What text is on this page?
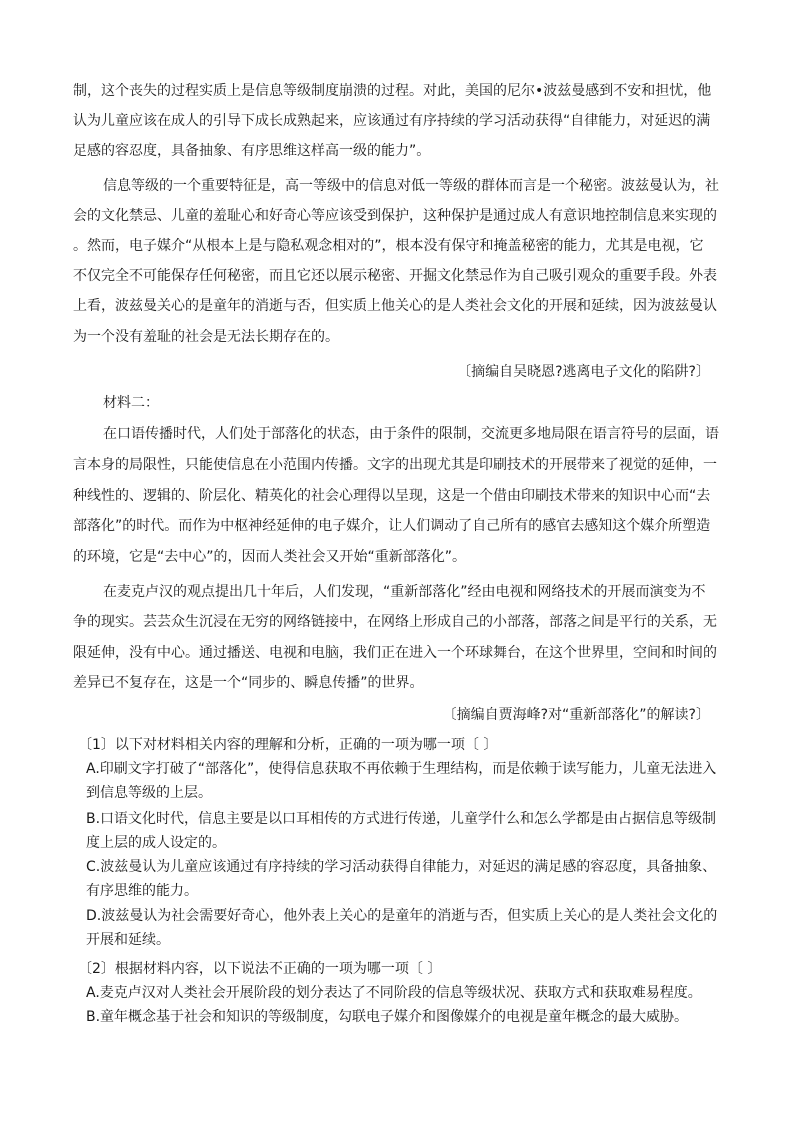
制，这个丧失的过程实质上是信息等级制度崩溃的过程。对此，美国的尼尔•波兹曼感到不安和担忧，他
认为儿童应该在成人的引导下成长成熟起来，应该通过有序持续的学习活动获得“自律能力，对延迟的满
足感的容忍度，具备抽象、有序思维这样高一级的能力”。
信息等级的一个重要特征是，高一等级中的信息对低一等级的群体而言是一个秘密。波兹曼认为，社
会的文化禁忌、儿童的羞耻心和好奇心等应该受到保护，这种保护是通过成人有意识地控制信息来实现的
。然而，电子媒介“从根本上是与隐私观念相对的”，根本没有保守和掩盖秘密的能力，尤其是电视，它
不仅完全不可能保存任何秘密，而且它还以展示秘密、开掘文化禁忌作为自己吸引观众的重要手段。外表
上看，波兹曼关心的是童年的消逝与否，但实质上他关心的是人类社会文化的开展和延续，因为波兹曼认
为一个没有羞耻的社会是无法长期存在的。
〔摘编自吴晓恩?逃离电子文化的陷阱?〕
材料二：
在口语传播时代，人们处于部落化的状态，由于条件的限制，交流更多地局限在语言符号的层面，语
言本身的局限性，只能使信息在小范围内传播。文字的出现尤其是印刷技术的开展带来了视觉的延伸，一
种线性的、逻辑的、阶层化、精英化的社会心理得以呈现，这是一个借由印刷技术带来的知识中心而“去
部落化”的时代。而作为中枢神经延伸的电子媒介，让人们调动了自己所有的感官去感知这个媒介所塑造
的环境，它是“去中心”的，因而人类社会又开始“重新部落化”。
在麦克卢汉的观点提出几十年后，人们发现，“重新部落化”经由电视和网络技术的开展而演变为不
争的现实。芸芸众生沉浸在无穷的网络链接中，在网络上形成自己的小部落，部落之间是平行的关系，无
限延伸，没有中心。通过播送、电视和电脑，我们正在进入一个环球舞台，在这个世界里，空间和时间的
差异已不复存在，这是一个“同步的、瞬息传播”的世界。
〔摘编自贾海峰?对“重新部落化”的解读?〕
〔1〕以下对材料相关内容的理解和分析，正确的一项为哪一项〔 〕
A.印刷文字打破了“部落化”，使得信息获取不再依赖于生理结构，而是依赖于读写能力，儿童无法进入
到信息等级的上层。
B.口语文化时代，信息主要是以口耳相传的方式进行传递，儿童学什么和怎么学都是由占据信息等级制
度上层的成人设定的。
C.波兹曼认为儿童应该通过有序持续的学习活动获得自律能力，对延迟的满足感的容忍度，具备抽象、
有序思维的能力。
D.波兹曼认为社会需要好奇心，他外表上关心的是童年的消逝与否，但实质上关心的是人类社会文化的
开展和延续。
〔2〕根据材料内容，以下说法不正确的一项为哪一项〔 〕
A.麦克卢汉对人类社会开展阶段的划分表达了不同阶段的信息等级状况、获取方式和获取难易程度。
B.童年概念基于社会和知识的等级制度，勾联电子媒介和图像媒介的电视是童年概念的最大威胁。
